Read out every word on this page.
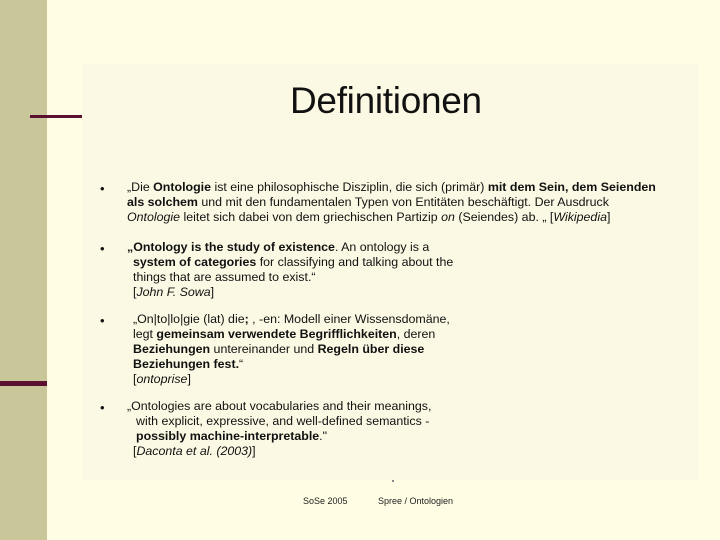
Definitionen
• „Die Ontologie ist eine philosophische Disziplin, die sich (primär) mit dem Sein, dem Seienden
als solchem und mit den fundamentalen Typen von Entitäten beschäftigt. Der Ausdruck
Ontologie leitet sich dabei von dem griechischen Partizip on (Seiendes) ab. „ [Wikipedia]
• „Ontology is the study of existence. An ontology is a
system of categories for classifying and talking about the
things that are assumed to exist.“
[John F. Sowa]
•	„On|to|lo|gie (lat) die; , -en: Modell einer Wissensdomäne,
legt gemeinsam verwendete Begrifflichkeiten, deren
Beziehungen untereinander und Regeln über diese
Beziehungen fest.“
[ontoprise]
• „Ontologies are about vocabularies and their meanings,
with explicit, expressive, and well-defined semantics -
possibly machine-interpretable."
[Daconta et al. (2003)]
SoSe 2005	Spree / Ontologien
